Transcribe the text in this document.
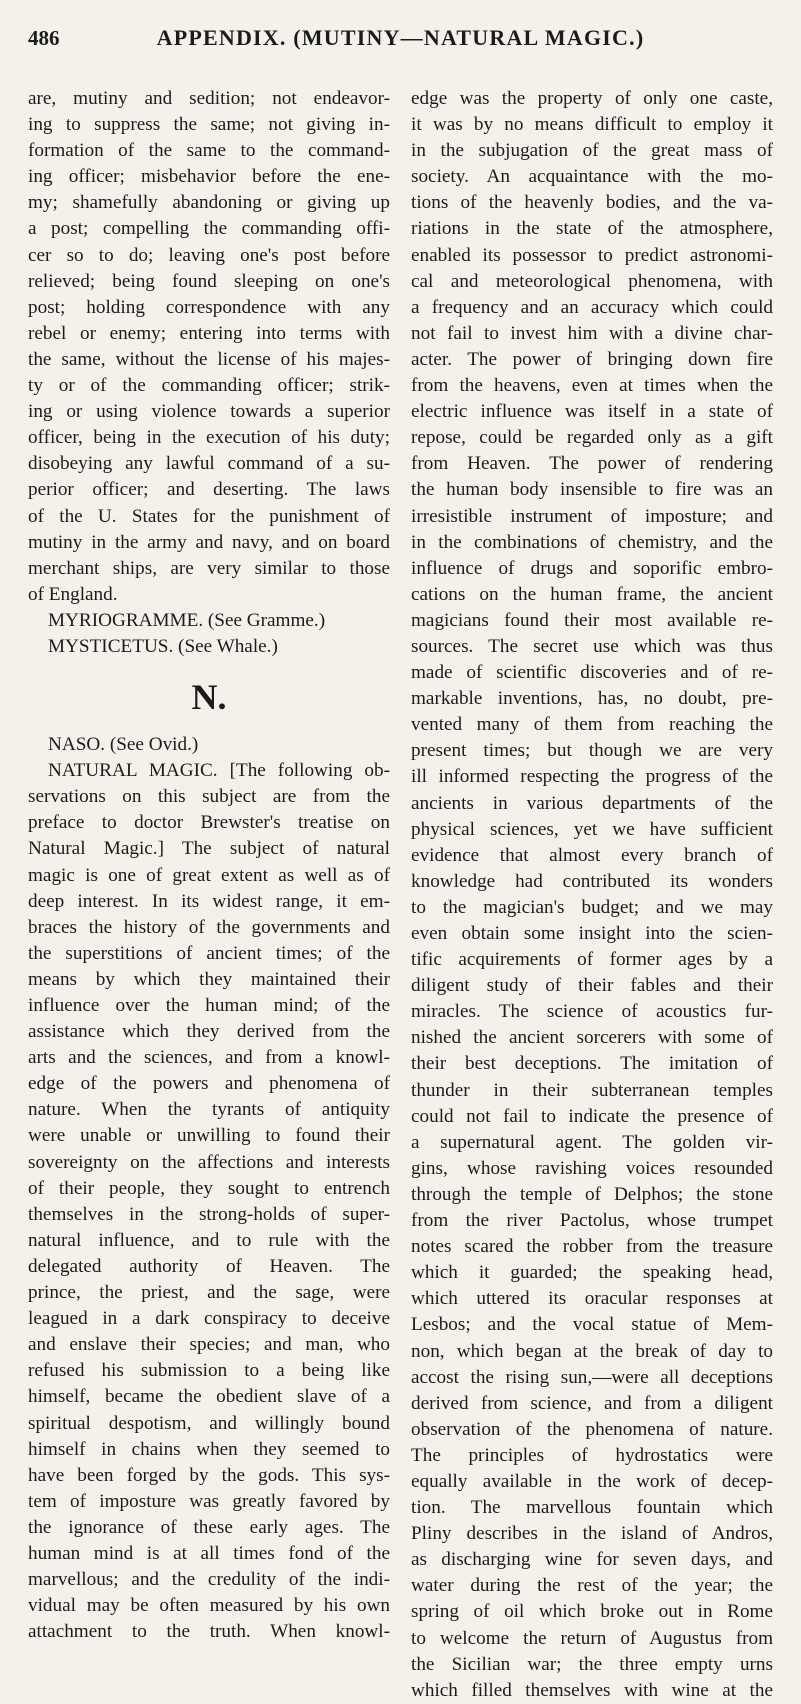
486	APPENDIX. (MUTINY—NATURAL MAGIC.)
are, mutiny and sedition; not endeavor-
ing to suppress the same; not giving in-
formation of the same to the command-
ing officer; misbehavior before the ene-
my; shamefully abandoning or giving up
a post; compelling the commanding offi-
cer so to do; leaving one's post before
relieved; being found sleeping on one's
post; holding correspondence with any
rebel or enemy; entering into terms with
the same, without the license of his majes-
ty or of the commanding officer; strik-
ing or using violence towards a superior
officer, being in the execution of his duty;
disobeying any lawful command of a su-
perior officer; and deserting. The laws
of the U. States for the punishment of
mutiny in the army and navy, and on board
merchant ships, are very similar to those
of England.
MYRIOGRAMME. (See Gramme.)
MYSTICETUS. (See Whale.)
N.
NASO. (See Ovid.)
NATURAL MAGIC. [The following ob-
servations on this subject are from the
preface to doctor Brewster's treatise on
Natural Magic.] The subject of natural
magic is one of great extent as well as of
deep interest. In its widest range, it em-
braces the history of the governments and
the superstitions of ancient times; of the
means by which they maintained their
influence over the human mind; of the
assistance which they derived from the
arts and the sciences, and from a knowl-
edge of the powers and phenomena of
nature. When the tyrants of antiquity
were unable or unwilling to found their
sovereignty on the affections and interests
of their people, they sought to entrench
themselves in the strong-holds of super-
natural influence, and to rule with the
delegated authority of Heaven. The
prince, the priest, and the sage, were
leagued in a dark conspiracy to deceive
and enslave their species; and man, who
refused his submission to a being like
himself, became the obedient slave of a
spiritual despotism, and willingly bound
himself in chains when they seemed to
have been forged by the gods. This sys-
tem of imposture was greatly favored by
the ignorance of these early ages. The
human mind is at all times fond of the
marvellous; and the credulity of the indi-
vidual may be often measured by his own
attachment to the truth. When knowl-
edge was the property of only one caste,
it was by no means difficult to employ it
in the subjugation of the great mass of
society. An acquaintance with the mo-
tions of the heavenly bodies, and the va-
riations in the state of the atmosphere,
enabled its possessor to predict astronomi-
cal and meteorological phenomena, with
a frequency and an accuracy which could
not fail to invest him with a divine char-
acter. The power of bringing down fire
from the heavens, even at times when the
electric influence was itself in a state of
repose, could be regarded only as a gift
from Heaven. The power of rendering
the human body insensible to fire was an
irresistible instrument of imposture; and
in the combinations of chemistry, and the
influence of drugs and soporific embro-
cations on the human frame, the ancient
magicians found their most available re-
sources. The secret use which was thus
made of scientific discoveries and of re-
markable inventions, has, no doubt, pre-
vented many of them from reaching the
present times; but though we are very
ill informed respecting the progress of the
ancients in various departments of the
physical sciences, yet we have sufficient
evidence that almost every branch of
knowledge had contributed its wonders
to the magician's budget; and we may
even obtain some insight into the scien-
tific acquirements of former ages by a
diligent study of their fables and their
miracles. The science of acoustics fur-
nished the ancient sorcerers with some of
their best deceptions. The imitation of
thunder in their subterranean temples
could not fail to indicate the presence of
a supernatural agent. The golden vir-
gins, whose ravishing voices resounded
through the temple of Delphos; the stone
from the river Pactolus, whose trumpet
notes scared the robber from the treasure
which it guarded; the speaking head,
which uttered its oracular responses at
Lesbos; and the vocal statue of Mem-
non, which began at the break of day to
accost the rising sun,—were all deceptions
derived from science, and from a diligent
observation of the phenomena of nature.
The principles of hydrostatics were
equally available in the work of decep-
tion. The marvellous fountain which
Pliny describes in the island of Andros,
as discharging wine for seven days, and
water during the rest of the year; the
spring of oil which broke out in Rome
to welcome the return of Augustus from
the Sicilian war; the three empty urns
which filled themselves with wine at the
